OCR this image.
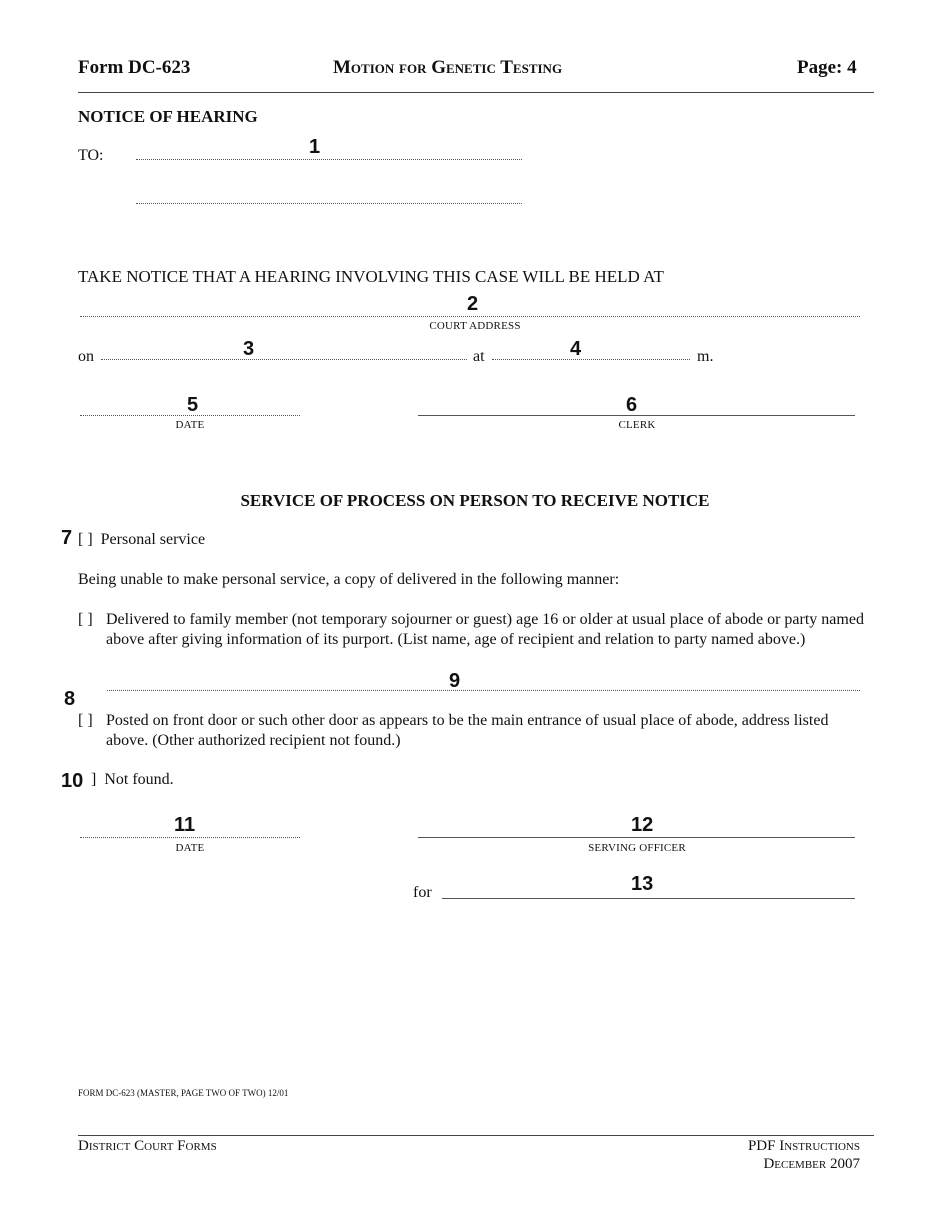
Form DC-623	Motion for Genetic Testing	Page: 4
NOTICE OF HEARING
TO:	1
TAKE NOTICE THAT A HEARING INVOLVING THIS CASE WILL BE HELD AT
2
COURT ADDRESS
on	3	at	4	m.
5
DATE
6
CLERK
SERVICE OF PROCESS ON PERSON TO RECEIVE NOTICE
7 [ ]  Personal service
Being unable to make personal service, a copy of delivered in the following manner:
[ ] Delivered to family member (not temporary sojourner or guest) age 16 or older at usual place of abode or party named above after giving information of its purport. (List name, age of recipient and relation to party named above.)
8
9
[ ] Posted on front door or such other door as appears to be the main entrance of usual place of abode, address listed above. (Other authorized recipient not found.)
10 ]  Not found.
11
DATE
12
SERVING OFFICER
for	13
FORM DC-623 (MASTER, PAGE TWO OF TWO) 12/01
District Court Forms	PDF Instructions
December 2007
